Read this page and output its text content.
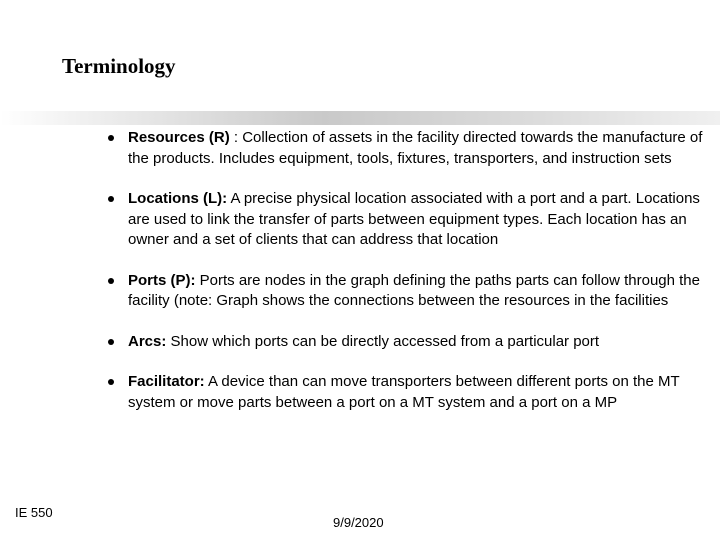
Terminology
Resources (R) : Collection of assets in the facility directed towards the manufacture of the products. Includes equipment, tools, fixtures, transporters, and instruction sets
Locations (L): A precise physical location associated with a port and a part. Locations are used to link the transfer of parts between equipment types. Each location has an owner and a set of clients that can address that location
Ports (P): Ports are nodes in the graph defining the paths parts can follow through the facility (note: Graph shows the connections between the resources in the facilities
Arcs: Show which ports can be directly accessed from a particular port
Facilitator: A device than can move transporters between different ports on the MT system or move parts between a port on a MT system and a port on a MP
IE 550
9/9/2020
